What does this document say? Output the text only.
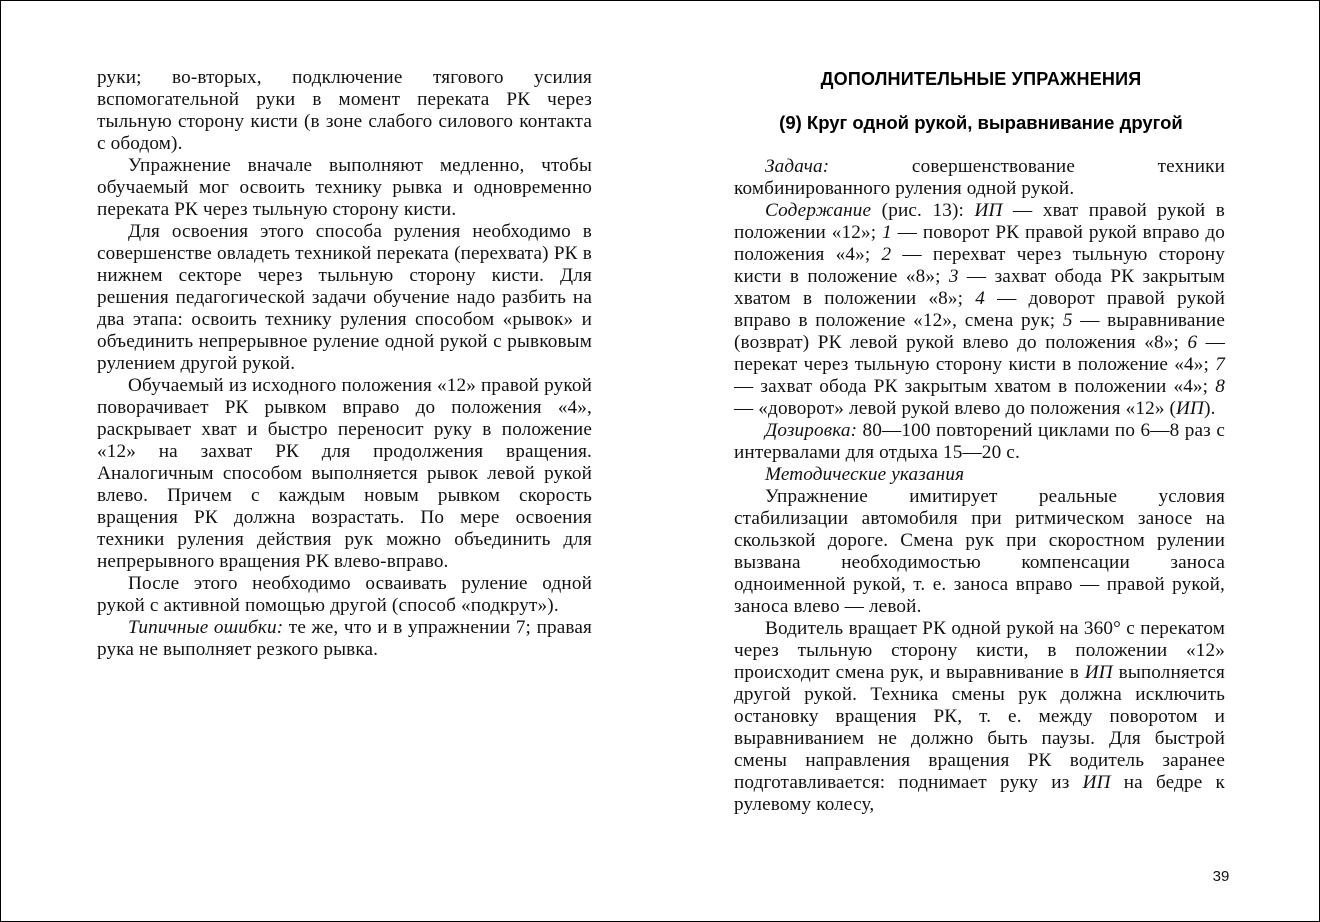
руки; во-вторых, подключение тягового усилия вспомогательной руки в момент переката РК через тыльную сторону кисти (в зоне слабого силового контакта с ободом).

Упражнение вначале выполняют медленно, чтобы обучаемый мог освоить технику рывка и одновременно переката РК через тыльную сторону кисти.

Для освоения этого способа руления необходимо в совершенстве овладеть техникой переката (перехвата) РК в нижнем секторе через тыльную сторону кисти. Для решения педагогической задачи обучение надо разбить на два этапа: освоить технику руления способом «рывок» и объединить непрерывное руление одной рукой с рывковым рулением другой рукой.

Обучаемый из исходного положения «12» правой рукой поворачивает РК рывком вправо до положения «4», раскрывает хват и быстро переносит руку в положение «12» на захват РК для продолжения вращения. Аналогичным способом выполняется рывок левой рукой влево. Причем с каждым новым рывком скорость вращения РК должна возрастать. По мере освоения техники руления действия рук можно объединить для непрерывного вращения РК влево-вправо.

После этого необходимо осваивать руление одной рукой с активной помощью другой (способ «подкрут»).

Типичные ошибки: те же, что и в упражнении 7; правая рука не выполняет резкого рывка.

ДОПОЛНИТЕЛЬНЫЕ УПРАЖНЕНИЯ
(9) Круг одной рукой, выравнивание другой

Задача: совершенствование техники комбинированного руления одной рукой.

Содержание (рис. 13): ИП — хват правой рукой в положении «12»; 1 — поворот РК правой рукой вправо до положения «4»; 2 — перехват через тыльную сторону кисти в положение «8»; 3 — захват обода РК закрытым хватом в положении «8»; 4 — доворот правой рукой вправо в положение «12», смена рук; 5 — выравнивание (возврат) РК левой рукой влево до положения «8»; 6 — перекат через тыльную сторону кисти в положение «4»; 7 — захват обода РК закрытым хватом в положении «4»; 8 — «доворот» левой рукой влево до положения «12» (ИП).

Дозировка: 80—100 повторений циклами по 6—8 раз с интервалами для отдыха 15—20 с.

Методические указания

Упражнение имитирует реальные условия стабилизации автомобиля при ритмическом заносе на скользкой дороге. Смена рук при скоростном рулении вызвана необходимостью компенсации заноса одноименной рукой, т. е. заноса вправо — правой рукой, заноса влево — левой.

Водитель вращает РК одной рукой на 360° с перекатом через тыльную сторону кисти, в положении «12» происходит смена рук, и выравнивание в ИП выполняется другой рукой. Техника смены рук должна исключить остановку вращения РК, т. е. между поворотом и выравниванием не должно быть паузы. Для быстрой смены направления вращения РК водитель заранее подготавливается: поднимает руку из ИП на бедре к рулевому колесу,

39
